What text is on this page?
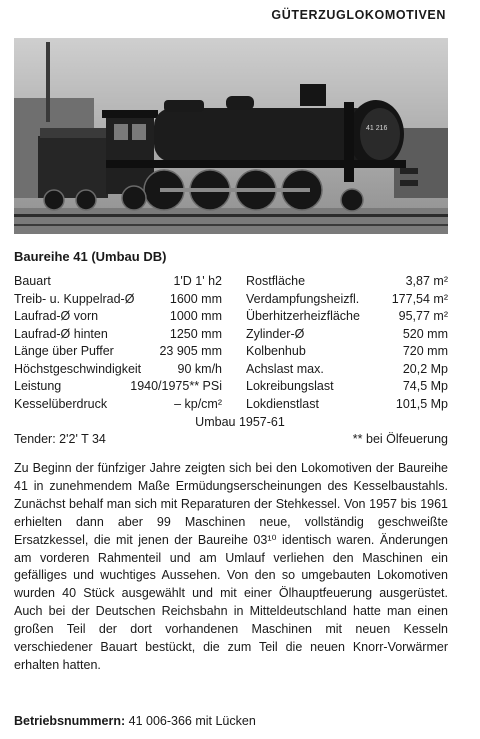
GÜTERZUGLOKOMOTIVEN
41 216
Baureihe 41 (Umbau DB)
Bauart	1'D 1' h2
Treib- u. Kuppelrad-Ø	1600 mm
Laufrad-Ø vorn	1000 mm
Laufrad-Ø hinten	1250 mm
Länge über Puffer	23 905 mm
Höchstgeschwindigkeit	90 km/h
Leistung	1940/1975** PSi
Kesselüberdruck	– kp/cm²
Rostfläche	3,87 m²
Verdampfungsheizfl.	177,54 m²
Überhitzerheizfläche	95,77 m²
Zylinder-Ø	520 mm
Kolbenhub	720 mm
Achslast max.	20,2 Mp
Lokreibungslast	74,5 Mp
Lokdienstlast	101,5 Mp
Umbau 1957-61
Tender: 2'2' T 34	** bei Ölfeuerung
Zu Beginn der fünfziger Jahre zeigten sich bei den Lokomotiven der Baureihe 41 in zunehmendem Maße Ermüdungserscheinungen des Kesselbaustahls. Zunächst behalf man sich mit Reparaturen der Stehkessel. Von 1957 bis 1961 erhielten dann aber 99 Maschinen neue, vollständig geschweißte Ersatzkessel, die mit jenen der Baureihe 03¹⁰ identisch waren. Änderungen am vorderen Rahmenteil und am Umlauf verliehen den Maschinen ein gefälliges und wuchtiges Aussehen. Von den so umgebauten Lokomotiven wurden 40 Stück ausgewählt und mit einer Ölhauptfeuerung ausgerüstet. Auch bei der Deutschen Reichsbahn in Mitteldeutschland hatte man einen großen Teil der dort vorhandenen Maschinen mit neuen Kesseln verschiedener Bauart bestückt, die zum Teil die neuen Knorr-Vorwärmer erhalten hatten.
Betriebsnummern: 41 006-366 mit Lücken
